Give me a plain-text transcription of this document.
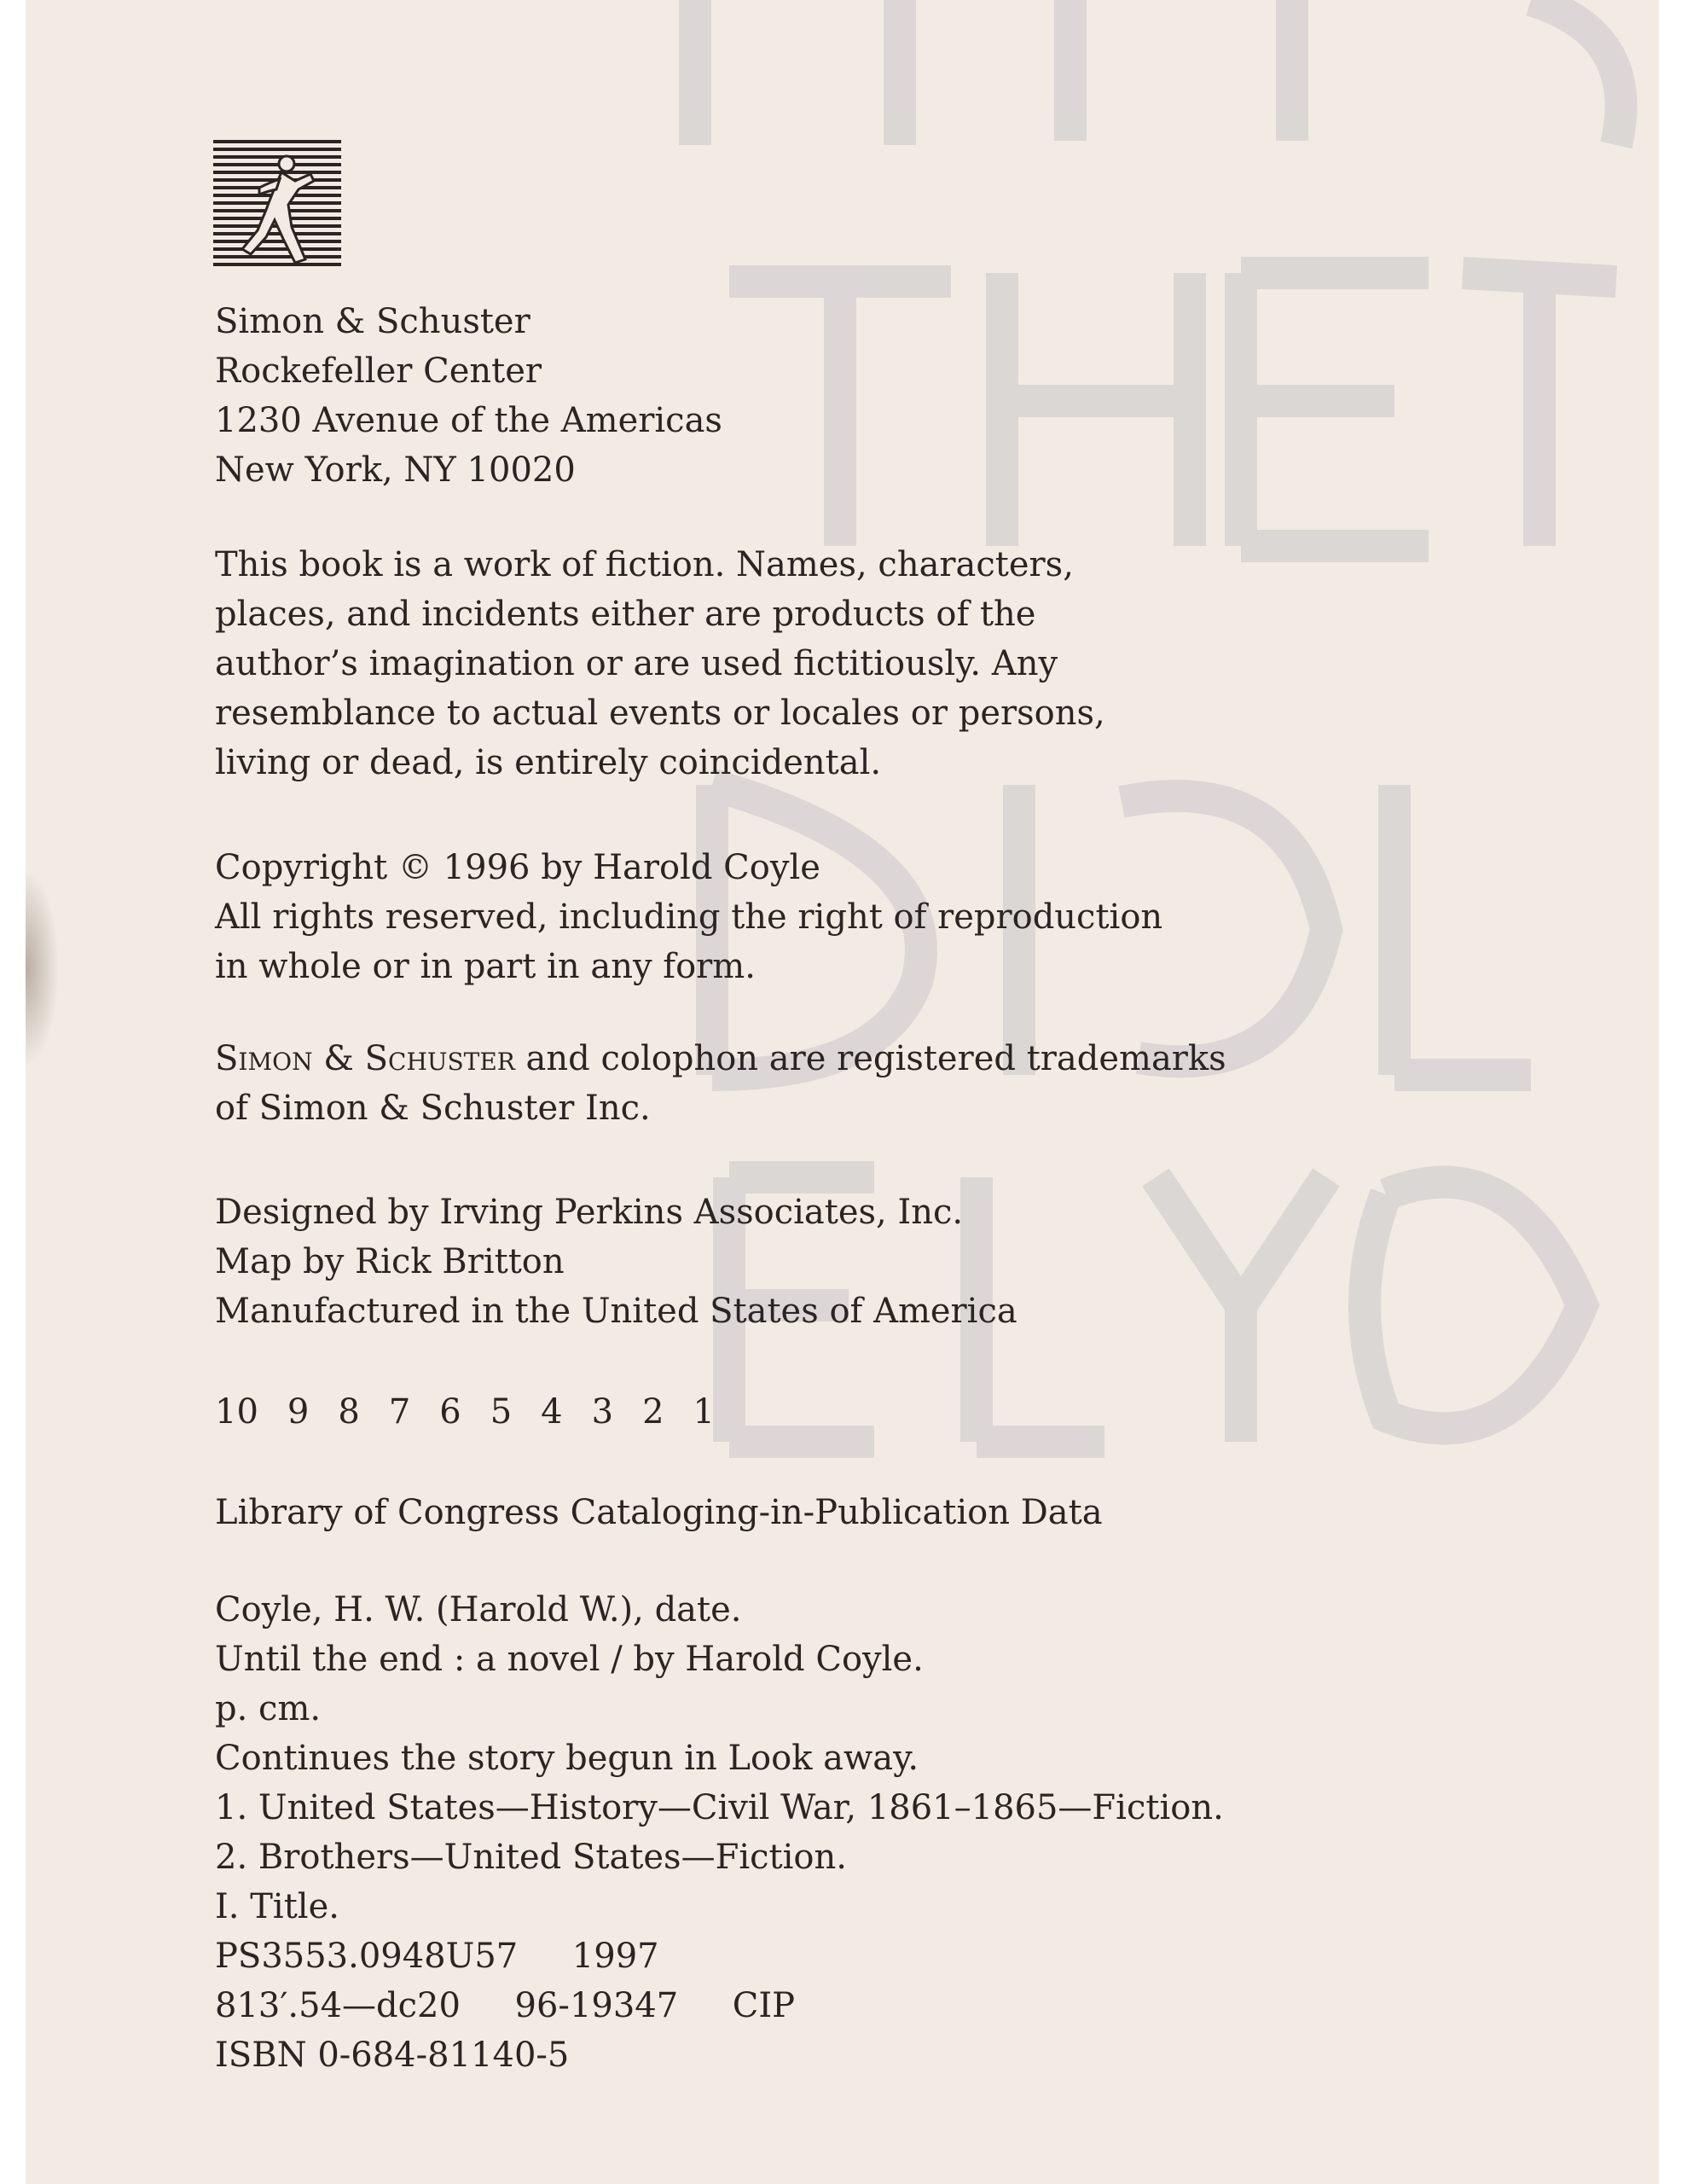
Simon & Schuster
Rockefeller Center
1230 Avenue of the Americas
New York, NY 10020
This book is a work of fiction. Names, characters,
places, and incidents either are products of the
author’s imagination or are used fictitiously. Any
resemblance to actual events or locales or persons,
living or dead, is entirely coincidental.
Copyright © 1996 by Harold Coyle
All rights reserved, including the right of reproduction
in whole or in part in any form.
Simon & Schuster and colophon are registered trademarks
of Simon & Schuster Inc.
Designed by Irving Perkins Associates, Inc.
Map by Rick Britton
Manufactured in the United States of America
10 9 8 7 6 5 4 3 2 1
Library of Congress Cataloging-in-Publication Data
Coyle, H. W. (Harold W.), date.
Until the end : a novel / by Harold Coyle.
p. cm.
Continues the story begun in Look away.
1. United States—History—Civil War, 1861–1865—Fiction.
2. Brothers—United States—Fiction.
I. Title.
PS3553.0948U57     1997
813′.54—dc20     96-19347     CIP
ISBN 0-684-81140-5
